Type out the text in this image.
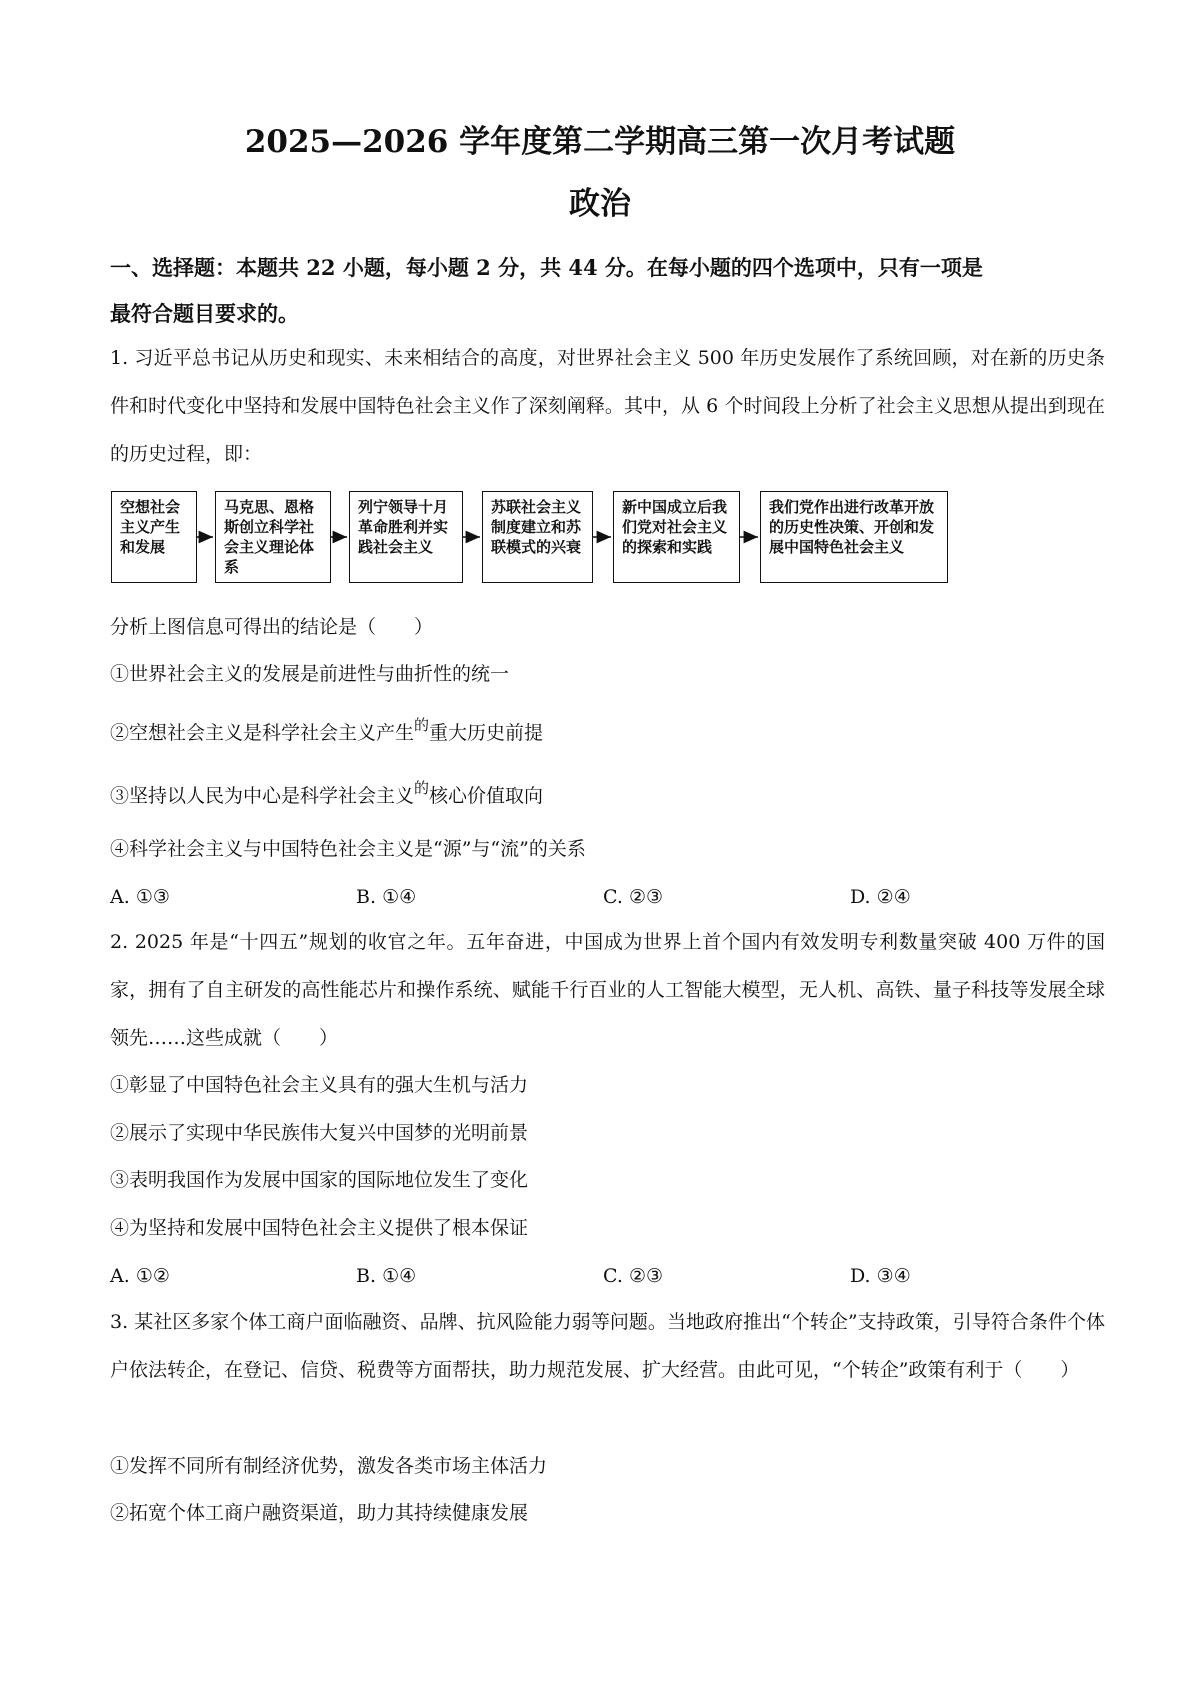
2025—2026 学年度第二学期高三第一次月考试题
政治
一、选择题：本题共 22 小题，每小题 2 分，共 44 分。在每小题的四个选项中，只有一项是
最符合题目要求的。
1. 习近平总书记从历史和现实、未来相结合的高度，对世界社会主义 500 年历史发展作了系统回顾，对在新的历史条件和时代变化中坚持和发展中国特色社会主义作了深刻阐释。其中，从 6 个时间段上分析了社会主义思想从提出到现在的历史过程，即：
空想社会主义产生和发展
马克思、恩格斯创立科学社会主义理论体系
列宁领导十月革命胜利并实践社会主义
苏联社会主义制度建立和苏联模式的兴衰
新中国成立后我们党对社会主义的探索和实践
我们党作出进行改革开放的历史性决策、开创和发展中国特色社会主义
分析上图信息可得出的结论是（　　）
①世界社会主义的发展是前进性与曲折性的统一
②空想社会主义是科学社会主义产生$^的$重大历史前提
③坚持以人民为中心是科学社会主义$^的$核心价值取向
④科学社会主义与中国特色社会主义是“源”与“流”的关系
A. ①③	B. ①④	C. ②③	D. ②④
2. 2025 年是“十四五”规划的收官之年。五年奋进，中国成为世界上首个国内有效发明专利数量突破 400 万件的国家，拥有了自主研发的高性能芯片和操作系统、赋能千行百业的人工智能大模型，无人机、高铁、量子科技等发展全球领先……这些成就（　　）
①彰显了中国特色社会主义具有的强大生机与活力
②展示了实现中华民族伟大复兴中国梦的光明前景
③表明我国作为发展中国家的国际地位发生了变化
④为坚持和发展中国特色社会主义提供了根本保证
A. ①②	B. ①④	C. ②③	D. ③④
3. 某社区多家个体工商户面临融资、品牌、抗风险能力弱等问题。当地政府推出“个转企”支持政策，引导符合条件个体户依法转企，在登记、信贷、税费等方面帮扶，助力规范发展、扩大经营。由此可见，“个转企”政策有利于（　　）
①发挥不同所有制经济优势，激发各类市场主体活力
②拓宽个体工商户融资渠道，助力其持续健康发展
